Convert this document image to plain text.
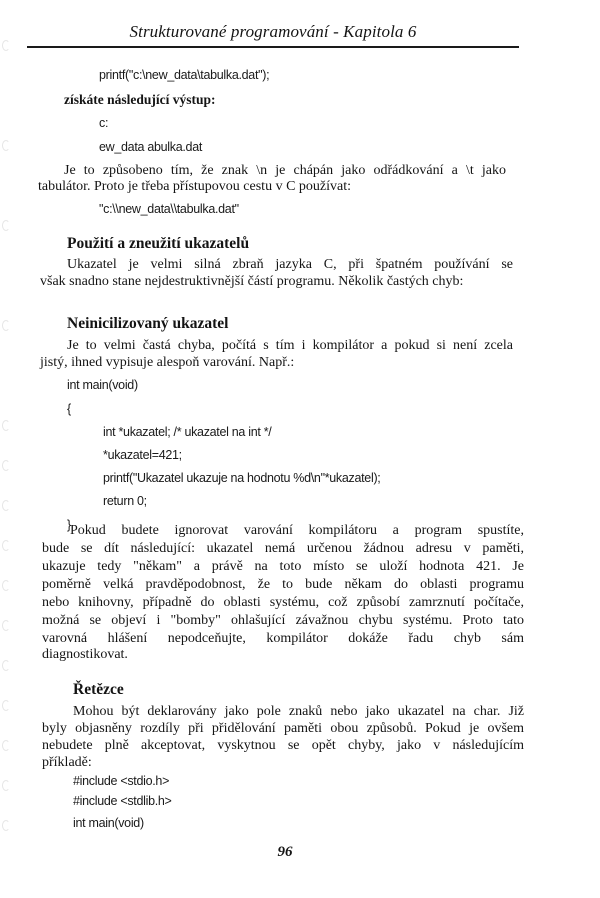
Strukturované programování - Kapitola 6
printf("c:\new_data\tabulka.dat");
získáte následující výstup:
c:
ew_data abulka.dat
Je to způsobeno tím, že znak \n je chápán jako odřádkování a \t jako
tabulátor. Proto je třeba přístupovou cestu v C používat:
"c:\\new_data\\tabulka.dat"
Použití a zneužití ukazatelů
Ukazatel je velmi silná zbraň jazyka C, při špatném používání se
však snadno stane nejdestruktivnější částí programu. Několik častých chyb:
Neinicilizovaný ukazatel
Je to velmi častá chyba, počítá s tím i kompilátor a pokud si není zcela
jistý, ihned vypisuje alespoň varování. Např.:
int main(void)
{
int *ukazatel; /* ukazatel na int */
*ukazatel=421;
printf("Ukazatel ukazuje na hodnotu %d\n"*ukazatel);
return 0;
} Pokud budete ignorovat varování kompilátoru a program spustíte,
bude se dít následující: ukazatel nemá určenou žádnou adresu v paměti,
ukazuje tedy "někam" a právě na toto místo se uloží hodnota 421. Je
poměrně velká pravděpodobnost, že to bude někam do oblasti programu
nebo knihovny, případně do oblasti systému, což způsobí zamrznutí počítače,
možná se objeví i "bomby" ohlašující závažnou chybu systému. Proto tato
varovná hlášení nepodceňujte, kompilátor dokáže řadu chyb sám
diagnostikovat.
Řetězce
Mohou být deklarovány jako pole znaků nebo jako ukazatel na char. Již
byly objasněny rozdíly při přidělování paměti obou způsobů. Pokud je ovšem
nebudete plně akceptovat, vyskytnou se opět chyby, jako v následujícím
příkladě:
#include <stdio.h>
#include <stdlib.h>
int main(void)
96
